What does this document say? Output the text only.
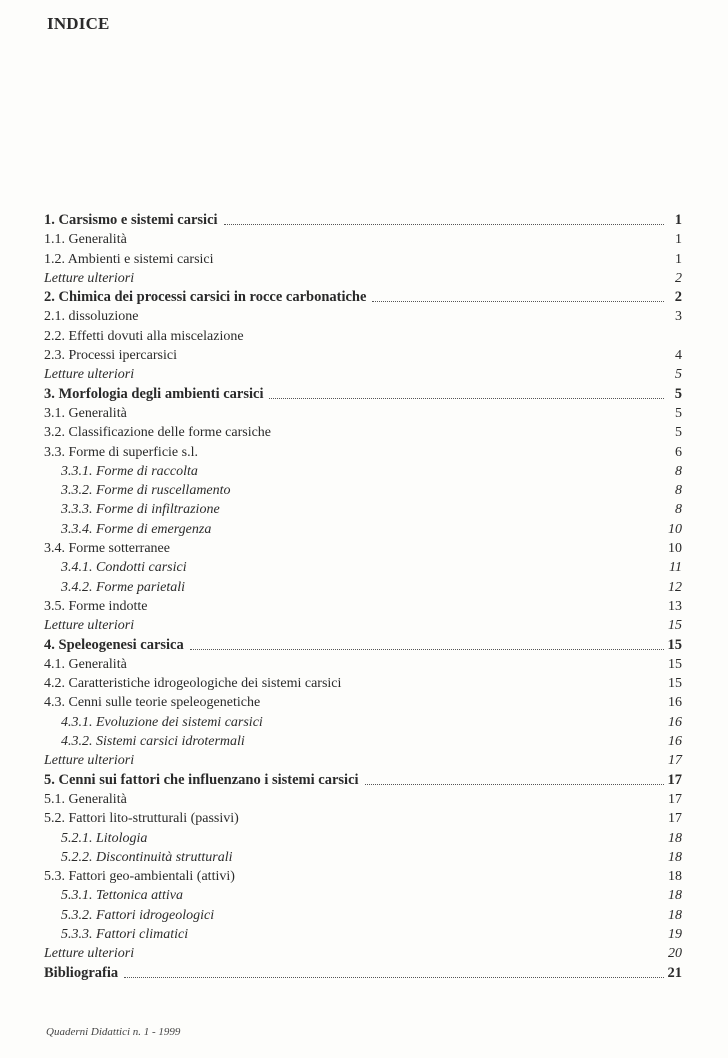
INDICE
1. Carsismo e sistemi carsici	1
1.1. Generalità	1
1.2. Ambienti e sistemi carsici	1
Letture ulteriori	2
2. Chimica dei processi carsici in rocce carbonatiche	2
2.1. dissoluzione	3
2.2. Effetti dovuti alla miscelazione
2.3. Processi ipercarsici	4
Letture ulteriori	5
3. Morfologia degli ambienti carsici	5
3.1. Generalità	5
3.2. Classificazione delle forme carsiche	5
3.3. Forme di superficie s.l.	6
3.3.1. Forme di raccolta	8
3.3.2. Forme di ruscellamento	8
3.3.3. Forme di infiltrazione	8
3.3.4. Forme di emergenza	10
3.4. Forme sotterranee	10
3.4.1. Condotti carsici	11
3.4.2. Forme parietali	12
3.5. Forme indotte	13
Letture ulteriori	15
4. Speleogenesi carsica	15
4.1. Generalità	15
4.2. Caratteristiche idrogeologiche dei sistemi carsici	15
4.3. Cenni sulle teorie speleogenetiche	16
4.3.1. Evoluzione dei sistemi carsici	16
4.3.2. Sistemi carsici idrotermali	16
Letture ulteriori	17
5. Cenni sui fattori che influenzano i sistemi carsici	17
5.1. Generalità	17
5.2. Fattori lito-strutturali (passivi)	17
5.2.1. Litologia	18
5.2.2. Discontinuità strutturali	18
5.3. Fattori geo-ambientali (attivi)	18
5.3.1. Tettonica attiva	18
5.3.2. Fattori idrogeologici	18
5.3.3. Fattori climatici	19
Letture ulteriori	20
Bibliografia	21
Quaderni Didattici n. 1 - 1999
